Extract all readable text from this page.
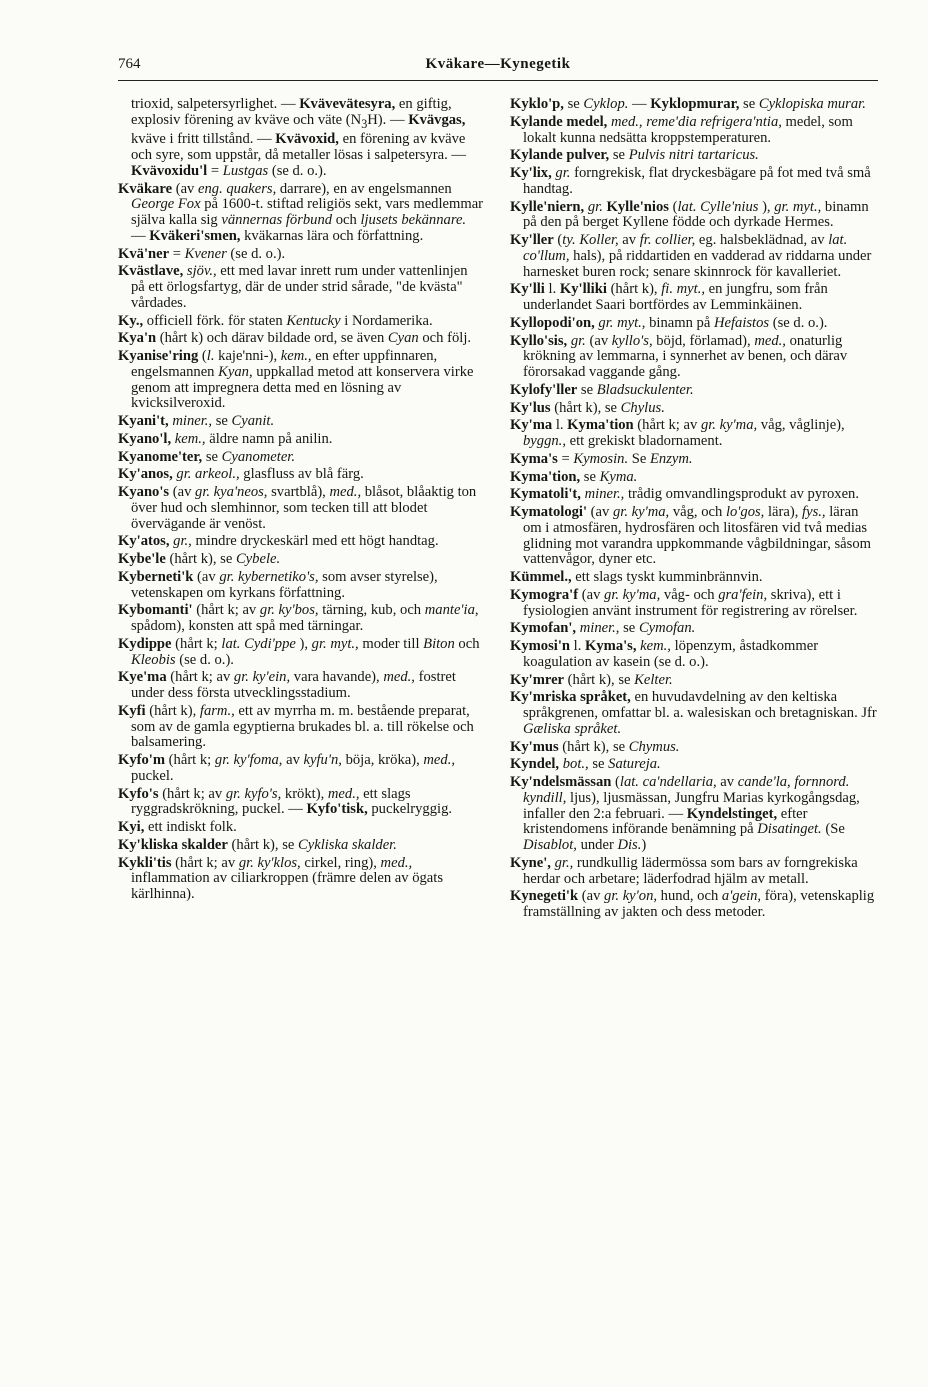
764	Kväkare—Kynegetik

trioxid, salpetersyrlighet. — Kvävevätesyra, en giftig, explosiv förening av kväve och väte $(N_3H)$. — Kvävgas, kväve i fritt tillstånd. — Kvävoxid, en förening av kväve och syre, som uppstår, då metaller lösas i salpetersyra. — Kvävoxidu'l = Lustgas (se d. o.).

Kväkare (av eng. quakers, darrare), en av engelsmannen George Fox på 1600-t. stiftad religiös sekt, vars medlemmar själva kalla sig vännernas förbund och ljusets bekännare. — Kväkeri'smen, kväkarnas lära och författning.

Kvä'ner = Kvener (se d. o.).

Kvästlave, sjöv., ett med lavar inrett rum under vattenlinjen på ett örlogsfartyg, där de under strid sårade, "de kvästa" vårdades.

Ky., officiell förk. för staten Kentucky i Nordamerika.

Kya'n (hårt k) och därav bildade ord, se även Cyan och följ.

Kyanise'ring (l. kaje'nni-), kem., en efter uppfinnaren, engelsmannen Kyan, uppkallad metod att konservera virke genom att impregnera detta med en lösning av kvicksilveroxid.

Kyani't, miner., se Cyanit.

Kyano'l, kem., äldre namn på anilin.

Kyanome'ter, se Cyanometer.

Ky'anos, gr. arkeol., glasfluss av blå färg.

Kyano's (av gr. kya'neos, svartblå), med., blåsot, blåaktig ton över hud och slemhinnor, som tecken till att blodet övervägande är venöst.

Ky'atos, gr., mindre dryckeskärl med ett högt handtag.

Kybe'le (hårt k), se Cybele.

Kyberneti'k (av gr. kybernetiko's, som avser styrelse), vetenskapen om kyrkans författning.

Kybomanti' (hårt k; av gr. ky'bos, tärning, kub, och mante'ia, spådom), konsten att spå med tärningar.

Kydippe (hårt k; lat. Cydi'ppe ), gr. myt., moder till Biton och Kleobis (se d. o.).

Kye'ma (hårt k; av gr. ky'ein, vara havande), med., fostret under dess första utvecklingsstadium.

Kyfi (hårt k), farm., ett av myrrha m. m. bestående preparat, som av de gamla egyptierna brukades bl. a. till rökelse och balsamering.

Kyfo'm (hårt k; gr. ky'foma, av kyfu'n, böja, kröka), med., puckel.

Kyfo's (hårt k; av gr. kyfo's, krökt), med., ett slags ryggradskrökning, puckel. — Kyfo'tisk, puckelryggig.

Kyi, ett indiskt folk.

Ky'kliska skalder (hårt k), se Cykliska skalder.

Kykli'tis (hårt k; av gr. ky'klos, cirkel, ring), med., inflammation av ciliarkroppen (främre delen av ögats kärlhinna).

Kyklo'p, se Cyklop. — Kyklopmurar, se Cyklopiska murar.

Kylande medel, med., reme'dia refrigera'ntia, medel, som lokalt kunna nedsätta kroppstemperaturen.

Kylande pulver, se Pulvis nitri tartaricus.

Ky'lix, gr. forngrekisk, flat dryckesbägare på fot med två små handtag.

Kylle'niern, gr. Kylle'nios (lat. Cylle'nius ), gr. myt., binamn på den på berget Kyllene födde och dyrkade Hermes.

Ky'ller (ty. Koller, av fr. collier, eg. halsbeklädnad, av lat. co'llum, hals), på riddartiden en vadderad av riddarna under harnesket buren rock; senare skinnrock för kavalleriet.

Ky'lli l. Ky'lliki (hårt k), fi. myt., en jungfru, som från underlandet Saari bortfördes av Lemminkäinen.

Kyllopodi'on, gr. myt., binamn på Hefaistos (se d. o.).

Kyllo'sis, gr. (av kyllo's, böjd, förlamad), med., onaturlig krökning av lemmarna, i synnerhet av benen, och därav förorsakad vaggande gång.

Kylofy'ller se Bladsuckulenter.

Ky'lus (hårt k), se Chylus.

Ky'ma l. Kyma'tion (hårt k; av gr. ky'ma, våg, våglinje), byggn., ett grekiskt bladornament.

Kyma's = Kymosin. Se Enzym.

Kyma'tion, se Kyma.

Kymatoli't, miner., trådig omvandlingsprodukt av pyroxen.

Kymatologi' (av gr. ky'ma, våg, och lo'gos, lära), fys., läran om i atmosfären, hydrosfären och litosfären vid två medias glidning mot varandra uppkommande vågbildningar, såsom vattenvågor, dyner etc.

Kümmel., ett slags tyskt kumminbrännvin.

Kymogra'f (av gr. ky'ma, våg- och gra'fein, skriva), ett i fysiologien använt instrument för registrering av rörelser.

Kymofan', miner., se Cymofan.

Kymosi'n l. Kyma's, kem., löpenzym, åstadkommer koagulation av kasein (se d. o.).

Ky'mrer (hårt k), se Kelter.

Ky'mriska språket, en huvudavdelning av den keltiska språkgrenen, omfattar bl. a. walesiskan och bretagniskan. Jfr Gæliska språket.

Ky'mus (hårt k), se Chymus.

Kyndel, bot., se Satureja.

Ky'ndelsmässan (lat. ca'ndellaria, av cande'la, fornnord. kyndill, ljus), ljusmässan, Jungfru Marias kyrkogångsdag, infaller den 2:a februari. — Kyndelstinget, efter kristendomens införande benämning på Disatinget. (Se Disablot, under Dis.)

Kyne', gr., rundkullig lädermössa som bars av forngrekiska herdar och arbetare; läderfodrad hjälm av metall.

Kynegeti'k (av gr. ky'on, hund, och a'gein, föra), vetenskaplig framställning av jakten och dess metoder.
